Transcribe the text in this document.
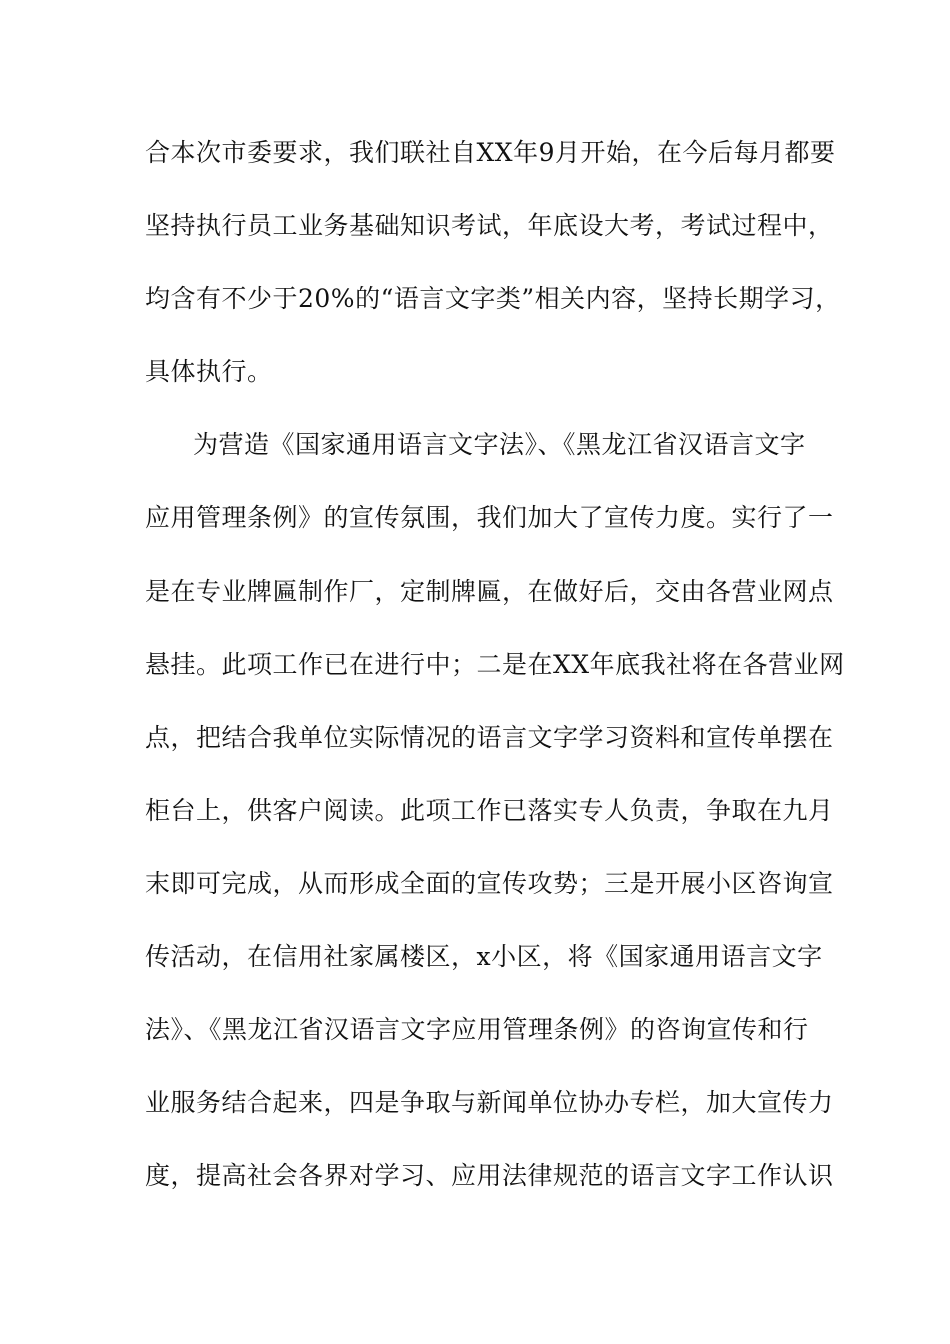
合本次市委要求，我们联社自XX年9月开始，在今后每月都要
坚持执行员工业务基础知识考试，年底设大考，考试过程中，
均含有不少于20%的“语言文字类”相关内容，坚持长期学习，
具体执行。
为营造《国家通用语言文字法》、《黑龙江省汉语言文字
应用管理条例》的宣传氛围，我们加大了宣传力度。实行了一
是在专业牌匾制作厂，定制牌匾，在做好后，交由各营业网点
悬挂。此项工作已在进行中；二是在XX年底我社将在各营业网
点，把结合我单位实际情况的语言文字学习资料和宣传单摆在
柜台上，供客户阅读。此项工作已落实专人负责，争取在九月
末即可完成，从而形成全面的宣传攻势；三是开展小区咨询宣
传活动，在信用社家属楼区，x小区，将《国家通用语言文字
法》、《黑龙江省汉语言文字应用管理条例》的咨询宣传和行
业服务结合起来，四是争取与新闻单位协办专栏，加大宣传力
度，提高社会各界对学习、应用法律规范的语言文字工作认识
